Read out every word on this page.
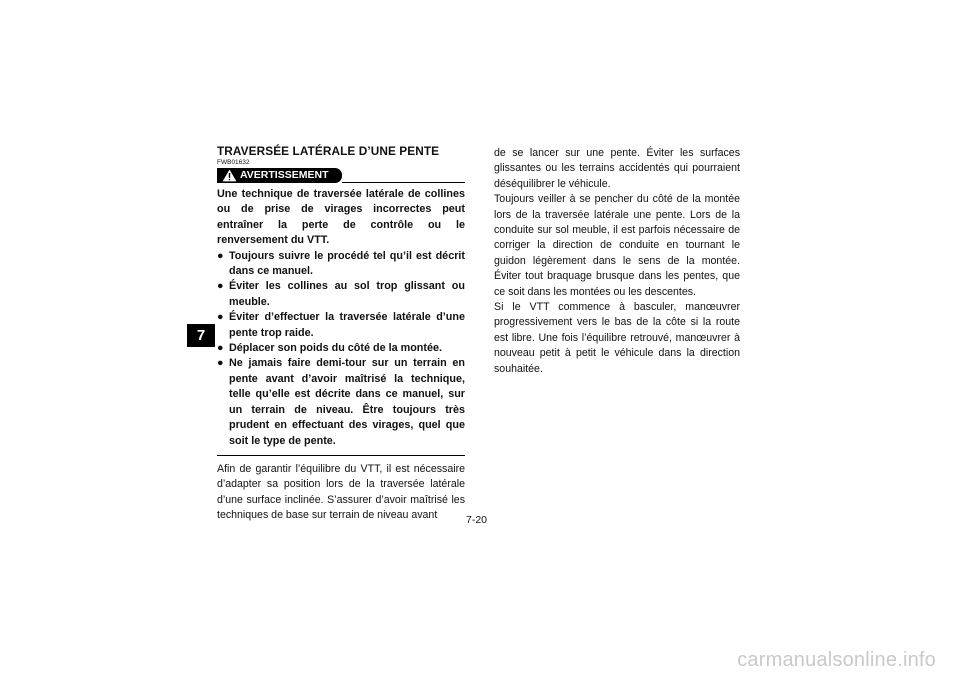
7
TRAVERSÉE LATÉRALE D’UNE PENTE
FWB01632
AVERTISSEMENT

Une technique de traversée latérale de collines ou de prise de virages incorrectes peut entraîner la perte de contrôle ou le renversement du VTT.

● Toujours suivre le procédé tel qu’il est décrit dans ce manuel.
● Éviter les collines au sol trop glissant ou meuble.
● Éviter d’effectuer la traversée latérale d’une pente trop raide.
● Déplacer son poids du côté de la montée.
● Ne jamais faire demi-tour sur un terrain en pente avant d’avoir maîtrisé la technique, telle qu’elle est décrite dans ce manuel, sur un terrain de niveau. Être toujours très prudent en effectuant des virages, quel que soit le type de pente.

Afin de garantir l’équilibre du VTT, il est nécessaire d’adapter sa position lors de la traversée latérale d’une surface inclinée. S’assurer d’avoir maîtrisé les techniques de base sur terrain de niveau avant

de se lancer sur une pente. Éviter les surfaces glissantes ou les terrains accidentés qui pourraient déséquilibrer le véhicule.

Toujours veiller à se pencher du côté de la montée lors de la traversée latérale une pente. Lors de la conduite sur sol meuble, il est parfois nécessaire de corriger la direction de conduite en tournant le guidon légèrement dans le sens de la montée. Éviter tout braquage brusque dans les pentes, que ce soit dans les montées ou les descentes.

Si le VTT commence à basculer, manœuvrer progressivement vers le bas de la côte si la route est libre. Une fois l’équilibre retrouvé, manœuvrer à nouveau petit à petit le véhicule dans la direction souhaitée.

7-20
carmanualsonline.info
